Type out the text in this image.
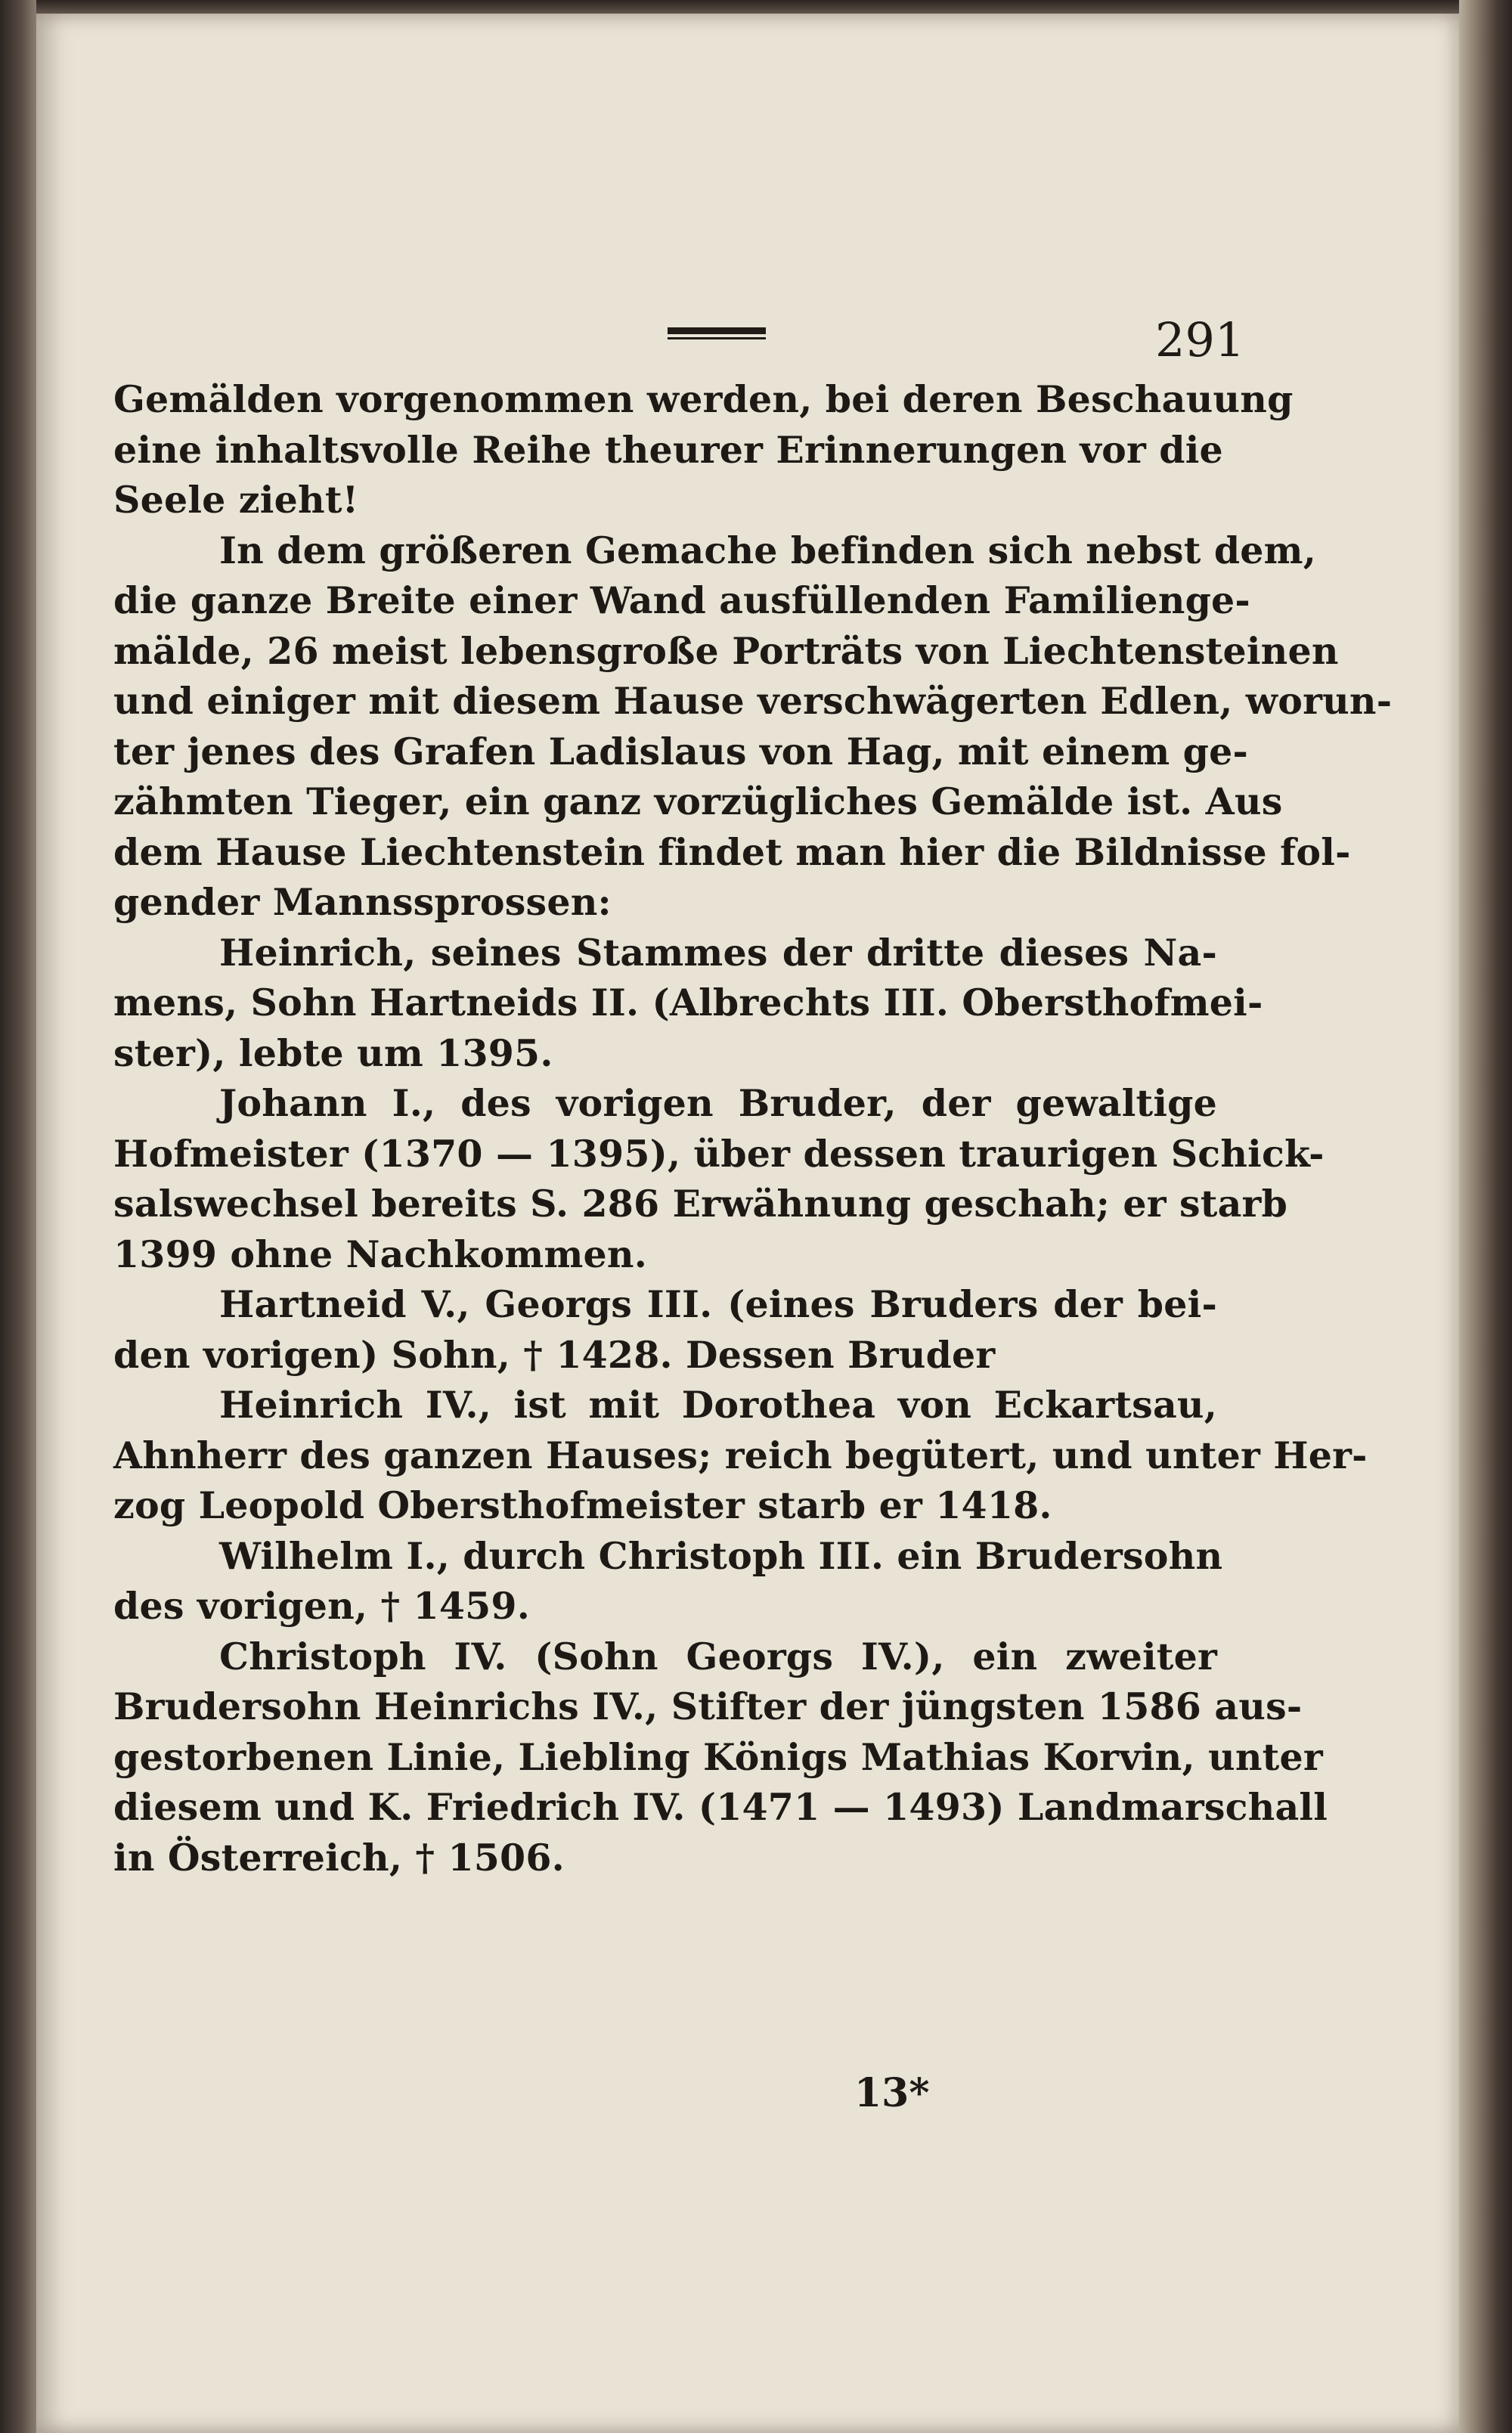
291
Gemälden vorgenommen werden, bei deren Beschauung
eine inhaltsvolle Reihe theurer Erinnerungen vor die
Seele zieht!
In dem größeren Gemache befinden sich nebst dem,
die ganze Breite einer Wand ausfüllenden Familienge-
mälde, 26 meist lebensgroße Porträts von Liechtensteinen
und einiger mit diesem Hause verschwägerten Edlen, worun-
ter jenes des Grafen Ladislaus von Hag, mit einem ge-
zähmten Tieger, ein ganz vorzügliches Gemälde ist. Aus
dem Hause Liechtenstein findet man hier die Bildnisse fol-
gender Mannssprossen:
Heinrich, seines Stammes der dritte dieses Na-
mens, Sohn Hartneids II. (Albrechts III. Obersthofmei-
ster), lebte um 1395.
Johann I., des vorigen Bruder, der gewaltige
Hofmeister (1370 — 1395), über dessen traurigen Schick-
salswechsel bereits S. 286 Erwähnung geschah; er starb
1399 ohne Nachkommen.
Hartneid V., Georgs III. (eines Bruders der bei-
den vorigen) Sohn, † 1428. Dessen Bruder
Heinrich IV., ist mit Dorothea von Eckartsau,
Ahnherr des ganzen Hauses; reich begütert, und unter Her-
zog Leopold Obersthofmeister starb er 1418.
Wilhelm I., durch Christoph III. ein Brudersohn
des vorigen, † 1459.
Christoph IV. (Sohn Georgs IV.), ein zweiter
Brudersohn Heinrichs IV., Stifter der jüngsten 1586 aus-
gestorbenen Linie, Liebling Königs Mathias Korvin, unter
diesem und K. Friedrich IV. (1471 — 1493) Landmarschall
in Österreich, † 1506.
13*
